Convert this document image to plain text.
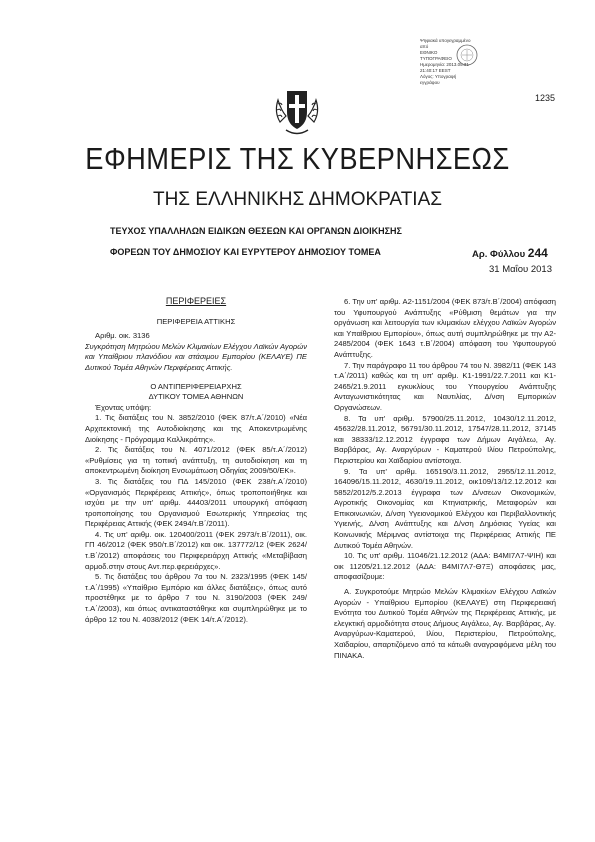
Ψηφιακά υπογεγραμμένο
από
ΕΘΝΙΚΟ
ΤΥΠΟΓΡΑΦΕΙΟ
Ημερομηνία: 2013.05.31
21:40:17 EEST
Λόγος: Υπογραφή
εγγράφου
1235
ΕΦΗΜΕΡΙΣ ΤΗΣ ΚΥΒΕΡΝΗΣΕΩΣ
ΤΗΣ ΕΛΛΗΝΙΚΗΣ ΔΗΜΟΚΡΑΤΙΑΣ
ΤΕΥΧΟΣ ΥΠΑΛΛΗΛΩΝ ΕΙΔΙΚΩΝ ΘΕΣΕΩΝ ΚΑΙ ΟΡΓΑΝΩΝ ΔΙΟΙΚΗΣΗΣ
ΦΟΡΕΩΝ ΤΟΥ ΔΗΜΟΣΙΟΥ ΚΑΙ ΕΥΡΥΤΕΡΟΥ ΔΗΜΟΣΙΟΥ ΤΟΜΕΑ	Αρ. Φύλλου 244
31 Μαΐου 2013

ΠΕΡΙΦΕΡΕΙΕΣ

ΠΕΡΙΦΕΡΕΙΑ ΑΤΤΙΚΗΣ

Αριθμ. οικ. 3136

Συγκρότηση Μητρώου Μελών Κλιμακίων Ελέγχου Λαϊκών Αγορών και Υπαίθριου πλανόδιου και στάσιμου Εμπορίου (ΚΕΛΑΥΕ) ΠΕ Δυτικού Τομέα Αθηνών Περιφέρειας Αττικής.

Ο ΑΝΤΙΠΕΡΙΦΕΡΕΙΑΡΧΗΣ

ΔΥΤΙΚΟΥ ΤΟΜΕΑ ΑΘΗΝΩΝ

Έχοντας υπόψη:

1. Τις διατάξεις του Ν. 3852/2010 (ΦΕΚ 87/τ.Α΄/2010) «Νέα Αρχιτεκτονική της Αυτοδιοίκησης και της Αποκεντρωμένης Διοίκησης - Πρόγραμμα Καλλικράτης».

2. Τις διατάξεις του Ν. 4071/2012 (ΦΕΚ 85/τ.Α΄/2012) «Ρυθμίσεις για τη τοπική ανάπτυξη, τη αυτοδιοίκηση και τη αποκεντρωμένη διοίκηση Ενσωμάτωση Οδηγίας 2009/50/ΕΚ».

3. Τις διατάξεις του ΠΔ 145/2010 (ΦΕΚ 238/τ.Α΄/2010) «Οργανισμός Περιφέρειας Αττικής», όπως τροποποιήθηκε και ισχύει με την υπ' αριθμ. 44403/2011 υπουργική απόφαση τροποποίησης του Οργανισμού Εσωτερικής Υπηρεσίας της Περιφέρειας Αττικής (ΦΕΚ 2494/τ.Β΄/2011).

4. Τις υπ' αριθμ. οικ. 120400/2011 (ΦΕΚ 2973/τ.Β΄/2011), οικ. ΓΠ 46/2012 (ΦΕΚ 950/τ.Β΄/2012) και οικ. 137772/12 (ΦΕΚ 2624/τ.Β΄/2012) αποφάσεις του Περιφερειάρχη Αττικής «Μεταβίβαση αρμοδ.στην στους Αντ.περ.φερειάρχες».

5. Τις διατάξεις του άρθρου 7α του Ν. 2323/1995 (ΦΕΚ 145/τ.Α΄/1995) «Υπαίθριο Εμπόριο και άλλες διατάξεις», όπως αυτό προστέθηκε με το άρθρο 7 του Ν. 3190/2003 (ΦΕΚ 249/τ.Α΄/2003), και όπως αντικαταστάθηκε και συμπληρώθηκε με το άρθρο 12 του Ν. 4038/2012 (ΦΕΚ 14/τ.Α΄/2012).

6. Την υπ' αριθμ. Α2-1151/2004 (ΦΕΚ 873/τ.Β΄/2004) απόφαση του Υφυπουργού Ανάπτυξης «Ρύθμιση θεμάτων για την οργάνωση και λειτουργία των κλιμακίων ελέγχου Λαϊκών Αγορών και Υπαίθριου Εμπορίου», όπως αυτή συμπληρώθηκε με την Α2-2485/2004 (ΦΕΚ 1643 τ.Β΄/2004) απόφαση του Υφυπουργού Ανάπτυξης.

7. Την παράγραφο 11 του άρθρου 74 του Ν. 3982/11 (ΦΕΚ 143 τ.Α΄/2011) καθώς και τη υπ' αριθμ. Κ1-1991/22.7.2011 και Κ1-2465/21.9.2011 εγκυκλίους του Υπουργείου Ανάπτυξης Ανταγωνιστικότητας και Ναυτιλίας, Δ/νση Εμπορικών Οργανώσεων.

8. Τα υπ' αριθμ. 57900/25.11.2012, 10430/12.11.2012, 45632/28.11.2012, 56791/30.11.2012, 17547/28.11.2012, 37145 και 38333/12.12.2012 έγγραφα των Δήμων Αιγάλεω, Αγ. Βαρβάρας, Αγ. Αναργύρων - Καματερού Ιλίου Πετρούπολης, Περιστερίου και Χαϊδαρίου αντίστοιχα.

9. Τα υπ' αριθμ. 165190/3.11.2012, 2955/12.11.2012, 164096/15.11.2012, 4630/19.11.2012, οικ109/13/12.12.2012 και 5852/2012/5.2.2013 έγγραφα των Δ/νσεων Οικονομικών, Αγροτικής Οικονομίας και Κτηνιατρικής, Μεταφορών και Επικοινωνιών, Δ/νση Υγειονομικού Ελέγχου και Περιβαλλοντικής Υγιεινής, Δ/νση Ανάπτυξης και Δ/νση Δημόσιας Υγείας και Κοινωνικής Μέριμνας αντίστοιχα της Περιφέρειας Αττικής ΠΕ Δυτικού Τομέα Αθηνών.

10. Τις υπ' αριθμ. 11046/21.12.2012 (ΑΔΑ: Β4ΜΙ7Λ7-ΨΙΗ) και οικ 11205/21.12.2012 (ΑΔΑ: Β4ΜΙ7Λ7-Θ7Ξ) αποφάσεις μας, αποφασίζουμε:

Α. Συγκροτούμε Μητρώο Μελών Κλιμακίων Ελέγχου Λαϊκών Αγορών - Υπαίθριου Εμπορίου (ΚΕΛΑΥΕ) στη Περιφερειακή Ενότητα του Δυτικού Τομέα Αθηνών της Περιφέρειας Αττικής, με ελεγκτική αρμοδιότητα στους Δήμους Αιγάλεω, Αγ. Βαρβάρας, Αγ. Αναργύρων-Καματερού, Ιλίου, Περιστερίου, Πετρούπολης, Χαϊδαρίου, απαρτιζόμενο από τα κάτωθι αναγραφόμενα μέλη του ΠΙΝΑΚΑ.
